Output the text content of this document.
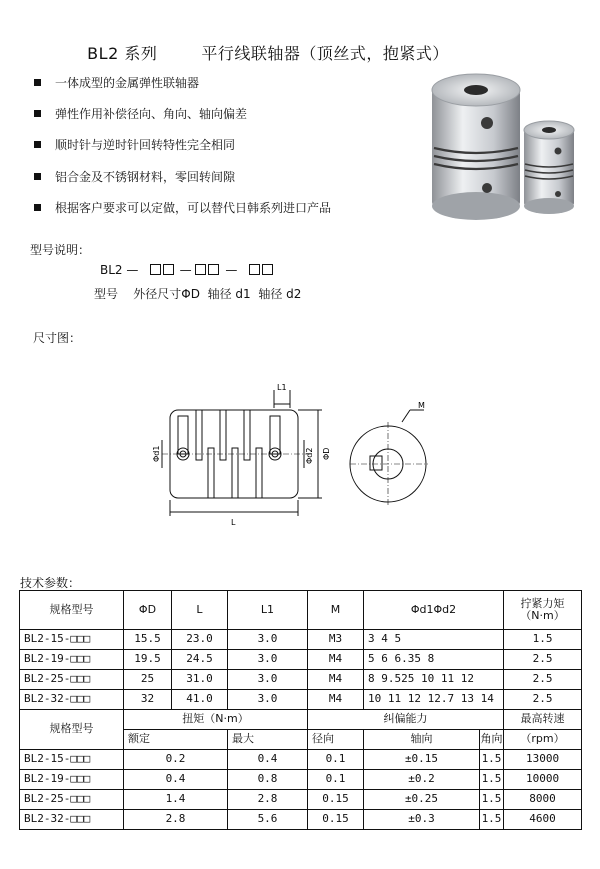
BL2 系列	平行线联轴器（顶丝式，抱紧式）

一体成型的金属弹性联轴器
弹性作用补偿径向、角向、轴向偏差
顺时针与逆时针回转特性完全相同
铝合金及不锈钢材料，零回转间隙
根据客户要求可以定做，可以替代日韩系列进口产品
型号说明：
BL2 —	—	—
型号 外径尺寸ΦD 轴径 d1 轴径 d2
尺寸图：
L1
L
M
Φd1	Φd2 ΦD
技术参数：
规格型号	ΦD	L	L1	M	Φd1Φd2		拧紧力矩
（N·m）

BL2-15-□□□	15.5	23.0	3.0	M3	3 4 5		1.5
BL2-19-□□□	19.5	24.5	3.0	M4	5 6 6.35 8		2.5
BL2-25-□□□	25	31.0	3.0	M4	8 9.525 10 11 12		2.5
BL2-32-□□□	32	41.0	3.0	M4	10 11 12 12.7 13 14		2.5
规格型号	扭矩（N·m）			纠偏能力			最高转速
	额定		最大	径向	轴向	角向	（rpm）
BL2-15-□□□	0.2		0.4	0.1	±0.15	1.5	13000
BL2-19-□□□	0.4		0.8	0.1	±0.2	1.5	10000
BL2-25-□□□	1.4		2.8	0.15	±0.25	1.5	8000
BL2-32-□□□	2.8		5.6	0.15	±0.3	1.5	4600
